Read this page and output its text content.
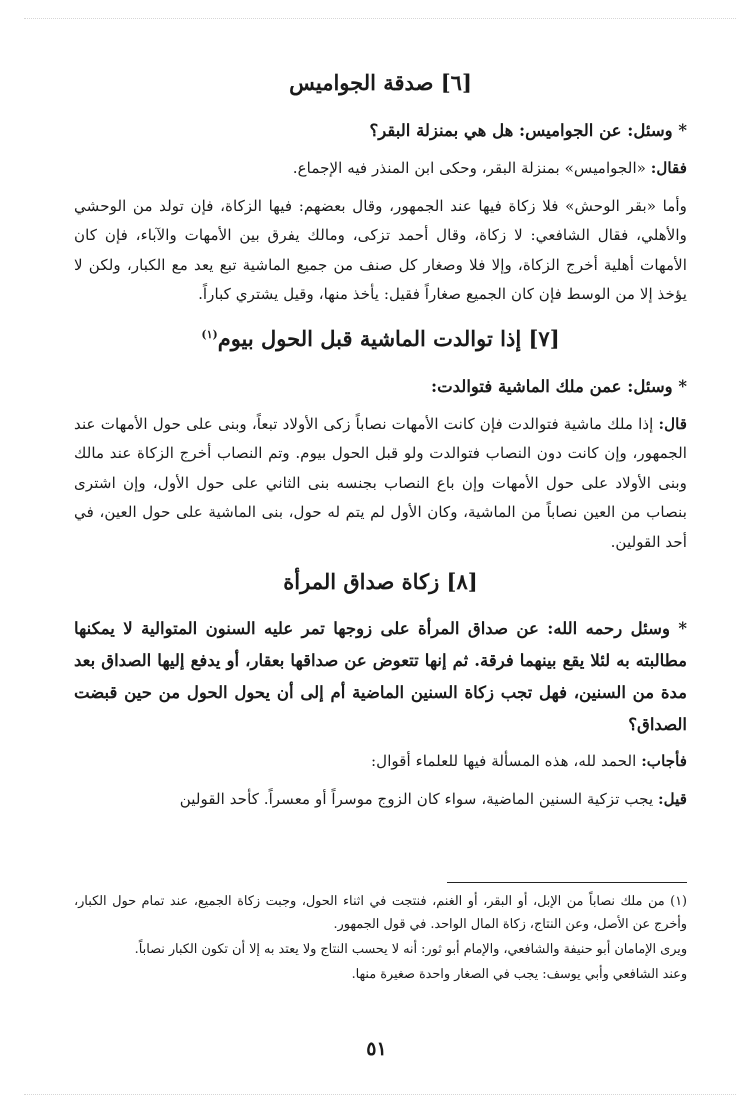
[٦] صدقة الجواميس
* وسئل: عن الجواميس: هل هي بمنزلة البقر؟
فقال: «الجواميس» بمنزلة البقر، وحكى ابن المنذر فيه الإجماع.
وأما «بقر الوحش» فلا زكاة فيها عند الجمهور، وقال بعضهم: فيها الزكاة، فإن تولد من الوحشي والأهلي، فقال الشافعي: لا زكاة، وقال أحمد تزكى، ومالك يفرق بين الأمهات والآباء، فإن كان الأمهات أهلية أخرج الزكاة، وإلا فلا وصغار كل صنف من جميع الماشية تبع يعد مع الكبار، ولكن لا يؤخذ إلا من الوسط فإن كان الجميع صغاراً فقيل: يأخذ منها، وقيل يشتري كباراً.
[٧] إذا توالدت الماشية قبل الحول بيوم$^{(١)}$
* وسئل: عمن ملك الماشية فتوالدت:
قال: إذا ملك ماشية فتوالدت فإن كانت الأمهات نصاباً زكى الأولاد تبعاً، وبنى على حول الأمهات عند الجمهور، وإن كانت دون النصاب فتوالدت ولو قبل الحول بيوم. وتم النصاب أخرج الزكاة عند مالك وبنى الأولاد على حول الأمهات وإن باع النصاب بجنسه بنى الثاني على حول الأول، وإن اشترى بنصاب من العين نصاباً من الماشية، وكان الأول لم يتم له حول، بنى الماشية على حول العين، في أحد القولين.
[٨] زكاة صداق المرأة
* وسئل رحمه الله: عن صداق المرأة على زوجها تمر عليه السنون المتوالية لا يمكنها مطالبته به لئلا يقع بينهما فرقة. ثم إنها تتعوض عن صداقها بعقار، أو يدفع إليها الصداق بعد مدة من السنين، فهل تجب زكاة السنين الماضية أم إلى أن يحول الحول من حين قبضت الصداق؟
فأجاب: الحمد لله، هذه المسألة فيها للعلماء أقوال:
قيل: يجب تزكية السنين الماضية، سواء كان الزوج موسراً أو معسراً. كأحد القولين

(١) من ملك نصاباً من الإبل، أو البقر، أو الغنم، فنتجت في اثناء الحول، وجبت زكاة الجميع، عند تمام حول الكبار، وأخرج عن الأصل، وعن النتاج، زكاة المال الواحد. في قول الجمهور.

ويرى الإمامان أبو حنيفة والشافعي، والإمام أبو ثور: أنه لا يحسب النتاج ولا يعتد به إلا أن تكون الكبار نصاباً.

وعند الشافعي وأبي يوسف: يجب في الصغار واحدة صغيرة منها.

٥١
